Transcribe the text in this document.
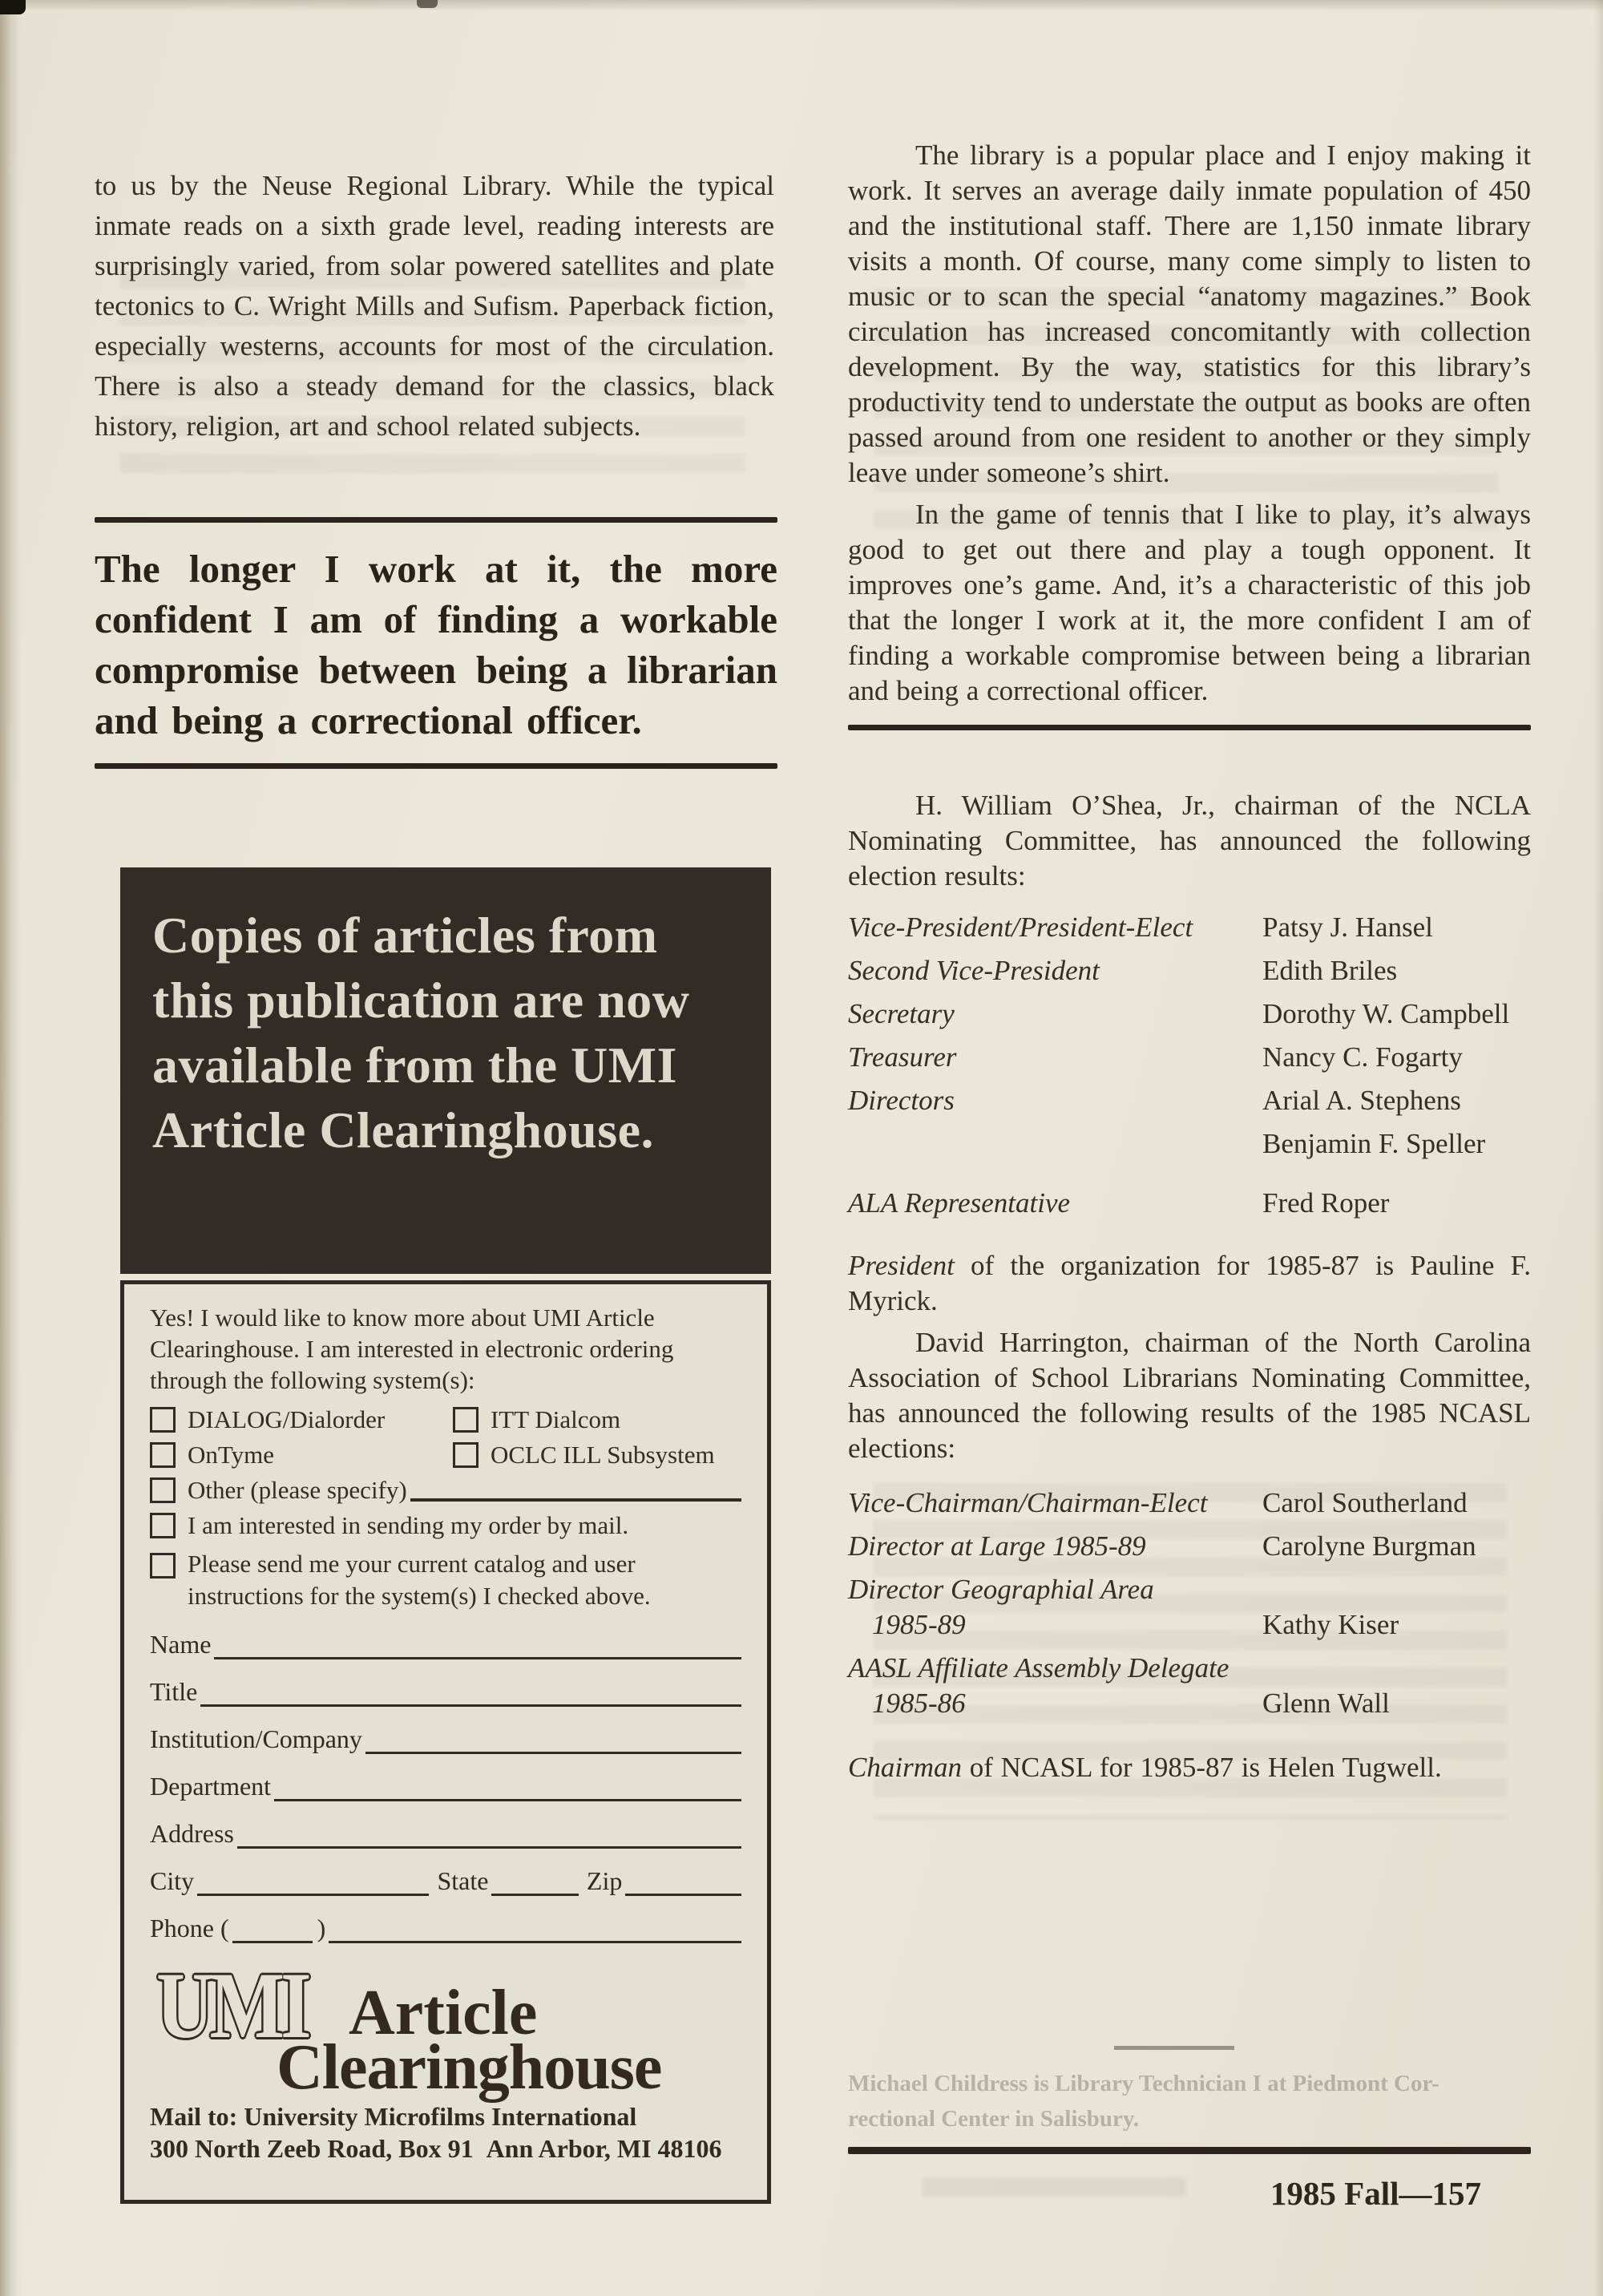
to us by the Neuse Regional Library. While the typical inmate reads on a sixth grade level, reading interests are surprisingly varied, from solar powered satellites and plate tectonics to C. Wright Mills and Sufism. Paperback fiction, especially westerns, accounts for most of the circulation. There is also a steady demand for the classics, black history, religion, art and school related subjects.

The longer I work at it, the more confident I am of finding a workable compromise between being a librarian and being a correctional officer.
Copies of articles from this publication are now available from the UMI Article Clearinghouse.
Yes! I would like to know more about UMI Article Clearinghouse. I am interested in electronic ordering through the following system(s):
DIALOG/Dialorder	ITT Dialcom
OnTyme	OCLC ILL Subsystem
Other (please specify)
I am interested in sending my order by mail.
Please send me your current catalog and user instructions for the system(s) I checked above.
Name
Title
Institution/Company
Department
Address
City	State	Zip
Phone (	)
UMI Article
Clearinghouse
Mail to: University Microfilms International
300 North Zeeb Road, Box 91  Ann Arbor, MI 48106

The library is a popular place and I enjoy making it work. It serves an average daily inmate population of 450 and the institutional staff. There are 1,150 inmate library visits a month. Of course, many come simply to listen to music or to scan the special “anatomy magazines.” Book circulation has increased concomitantly with collection development. By the way, statistics for this library’s productivity tend to understate the output as books are often passed around from one resident to another or they simply leave under someone’s shirt.

In the game of tennis that I like to play, it’s always good to get out there and play a tough opponent. It improves one’s game. And, it’s a characteristic of this job that the longer I work at it, the more confident I am of finding a workable compromise between being a librarian and being a correctional officer.

H. William O’Shea, Jr., chairman of the NCLA Nominating Committee, has announced the following election results:

Vice-President/President-Elect	Patsy J. Hansel
Second Vice-President	Edith Briles
Secretary	Dorothy W. Campbell
Treasurer	Nancy C. Fogarty
Directors	Arial A. Stephens
Benjamin F. Speller
ALA Representative	Fred Roper

President of the organization for 1985-87 is Pauline F. Myrick.

David Harrington, chairman of the North Carolina Association of School Librarians Nominating Committee, has announced the following results of the 1985 NCASL elections:

Vice-Chairman/Chairman-Elect	Carol Southerland
Director at Large 1985-89	Carolyne Burgman
Director Geographial Area
1985-89	Kathy Kiser
AASL Affiliate Assembly Delegate
1985-86	Glenn Wall

Chairman of NCASL for 1985-87 is Helen Tugwell.

Michael Childress is Library Technician I at Piedmont Cor-
rectional Center in Salisbury.
1985 Fall—157
